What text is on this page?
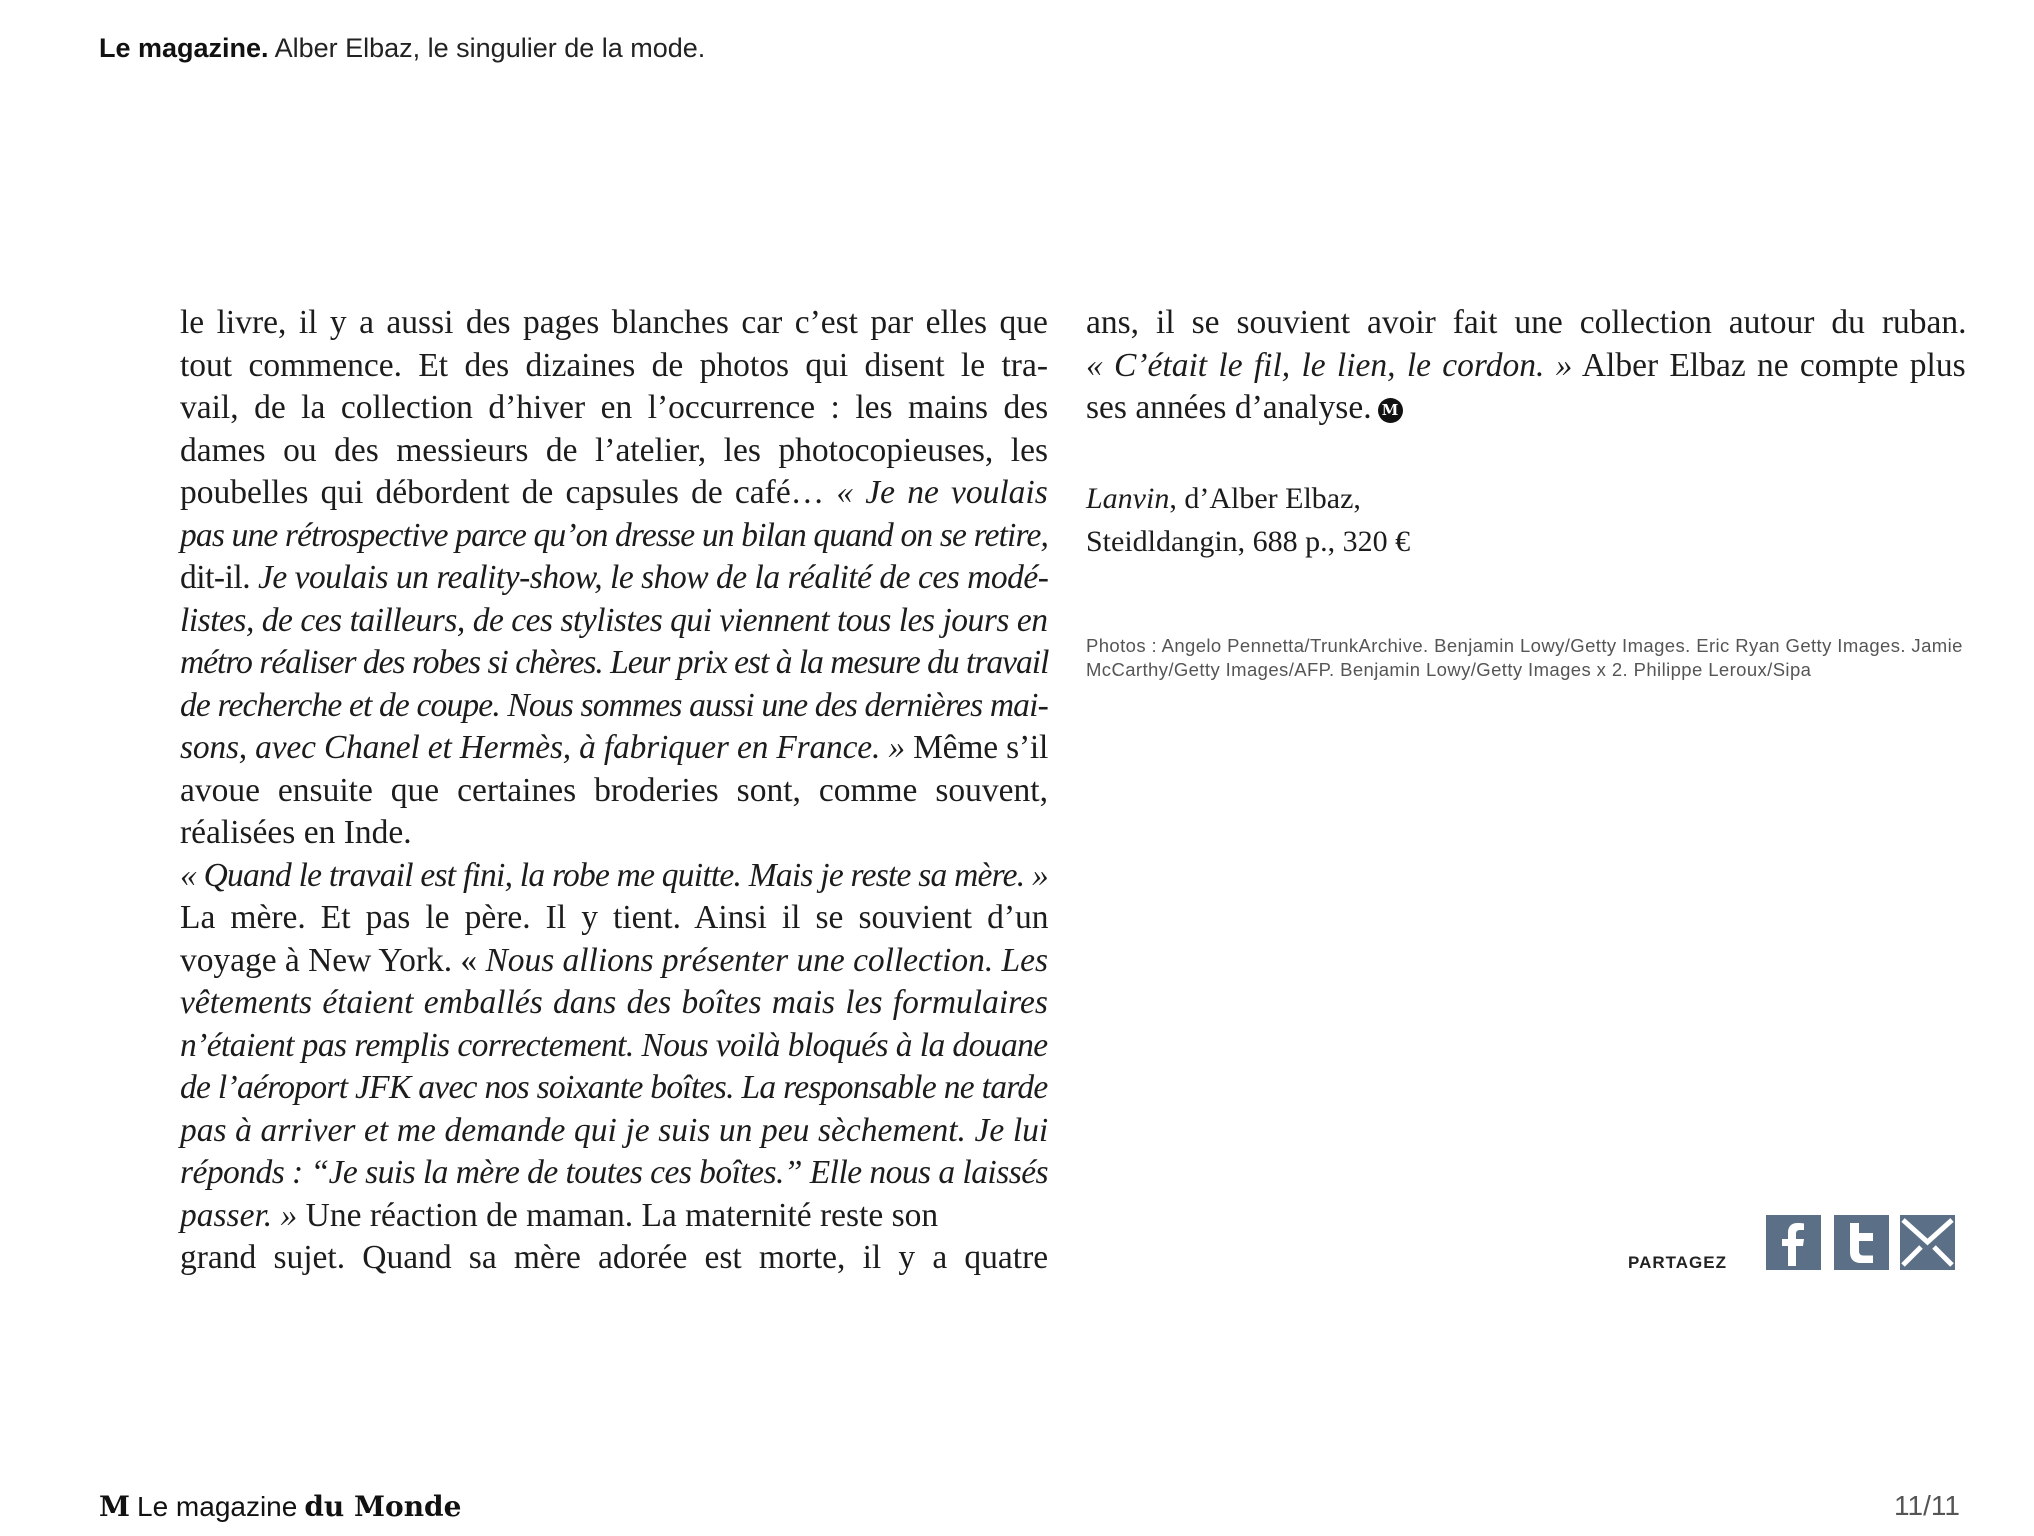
Le magazine. Alber Elbaz, le singulier de la mode.
le livre, il y a aussi des pages blanches car c’est par elles que
tout commence. Et des dizaines de photos qui disent le tra-
vail, de la collection d’hiver en l’occurrence : les mains des
dames ou des messieurs de l’atelier, les photocopieuses, les
poubelles qui débordent de capsules de café… « Je ne voulais
pas une rétrospective parce qu’on dresse un bilan quand on se retire,
dit-il. Je voulais un reality-show, le show de la réalité de ces modé-
listes, de ces tailleurs, de ces stylistes qui viennent tous les jours en
métro réaliser des robes si chères. Leur prix est à la mesure du travail
de recherche et de coupe. Nous sommes aussi une des dernières mai-
sons, avec Chanel et Hermès, à fabriquer en France. » Même s’il
avoue ensuite que certaines broderies sont, comme souvent,
réalisées en Inde.
« Quand le travail est fini, la robe me quitte. Mais je reste sa mère. »
La mère. Et pas le père. Il y tient. Ainsi il se souvient d’un
voyage à New York. « Nous allions présenter une collection. Les
vêtements étaient emballés dans des boîtes mais les formulaires
n’étaient pas remplis correctement. Nous voilà bloqués à la douane
de l’aéroport JFK avec nos soixante boîtes. La responsable ne tarde
pas à arriver et me demande qui je suis un peu sèchement. Je lui
réponds : “Je suis la mère de toutes ces boîtes.” Elle nous a laissés
passer. » Une réaction de maman. La maternité reste son
grand sujet. Quand sa mère adorée est morte, il y a quatre
ans, il se souvient avoir fait une collection autour du ruban.
« C’était le fil, le lien, le cordon. » Alber Elbaz ne compte plus
ses années d’analyse. M
Lanvin, d’Alber Elbaz,
Steidldangin, 688 p., 320 €
Photos : Angelo Pennetta/TrunkArchive. Benjamin Lowy/Getty Images. Eric Ryan Getty Images. Jamie McCarthy/Getty Images/AFP. Benjamin Lowy/Getty Images x 2. Philippe Leroux/Sipa
PARTAGEZ
M Le magazine du Monde	11/11
